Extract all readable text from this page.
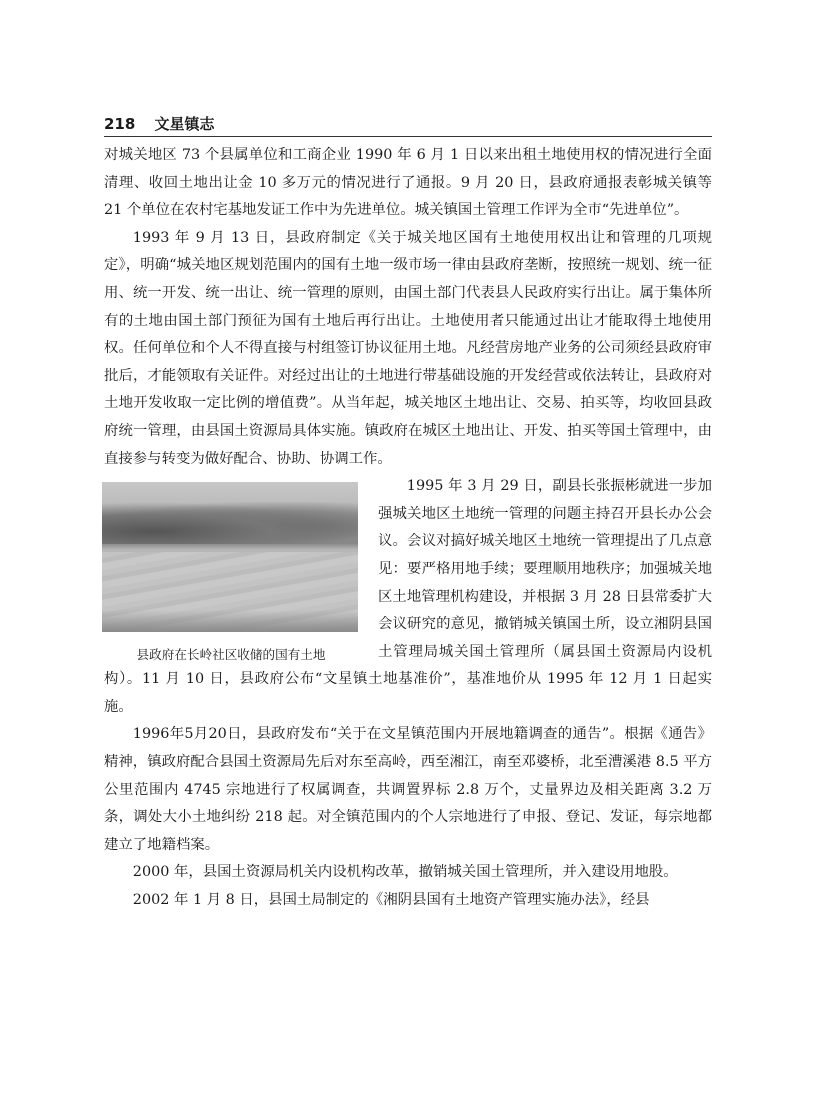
218 文星镇志

对城关地区 73 个县属单位和工商企业 1990 年 6 月 1 日以来出租土地使用权的情况进行全面清理、收回土地出让金 10 多万元的情况进行了通报。9 月 20 日，县政府通报表彰城关镇等 21 个单位在农村宅基地发证工作中为先进单位。城关镇国土管理工作评为全市“先进单位”。

1993 年 9 月 13 日，县政府制定《关于城关地区国有土地使用权出让和管理的几项规定》，明确“城关地区规划范围内的国有土地一级市场一律由县政府垄断，按照统一规划、统一征用、统一开发、统一出让、统一管理的原则，由国土部门代表县人民政府实行出让。属于集体所有的土地由国土部门预征为国有土地后再行出让。土地使用者只能通过出让才能取得土地使用权。任何单位和个人不得直接与村组签订协议征用土地。凡经营房地产业务的公司须经县政府审批后，才能领取有关证件。对经过出让的土地进行带基础设施的开发经营或依法转让，县政府对土地开发收取一定比例的增值费”。从当年起，城关地区土地出让、交易、拍买等，均收回县政府统一管理，由县国土资源局具体实施。镇政府在城区土地出让、开发、拍买等国土管理中，由直接参与转变为做好配合、协助、协调工作。

县政府在长岭社区收储的国有土地

1995 年 3 月 29 日，副县长张振彬就进一步加强城关地区土地统一管理的问题主持召开县长办公会议。会议对搞好城关地区土地统一管理提出了几点意见：要严格用地手续；要理顺用地秩序；加强城关地区土地管理机构建设，并根据 3 月 28 日县常委扩大会议研究的意见，撤销城关镇国土所，设立湘阴县国土管理局城关国土管理所（属县国土资源局内设机构）。11 月 10 日，县政府公布“文星镇土地基准价”，基准地价从 1995 年 12 月 1 日起实施。

1996年5月20日，县政府发布“关于在文星镇范围内开展地籍调查的通告”。根据《通告》精神，镇政府配合县国土资源局先后对东至高岭，西至湘江，南至邓婆桥，北至漕溪港 8.5 平方公里范围内 4745 宗地进行了权属调查，共调置界标 2.8 万个，丈量界边及相关距离 3.2 万条，调处大小土地纠纷 218 起。对全镇范围内的个人宗地进行了申报、登记、发证，每宗地都建立了地籍档案。

2000 年，县国土资源局机关内设机构改革，撤销城关国土管理所，并入建设用地股。

2002 年 1 月 8 日，县国土局制定的《湘阴县国有土地资产管理实施办法》，经县
